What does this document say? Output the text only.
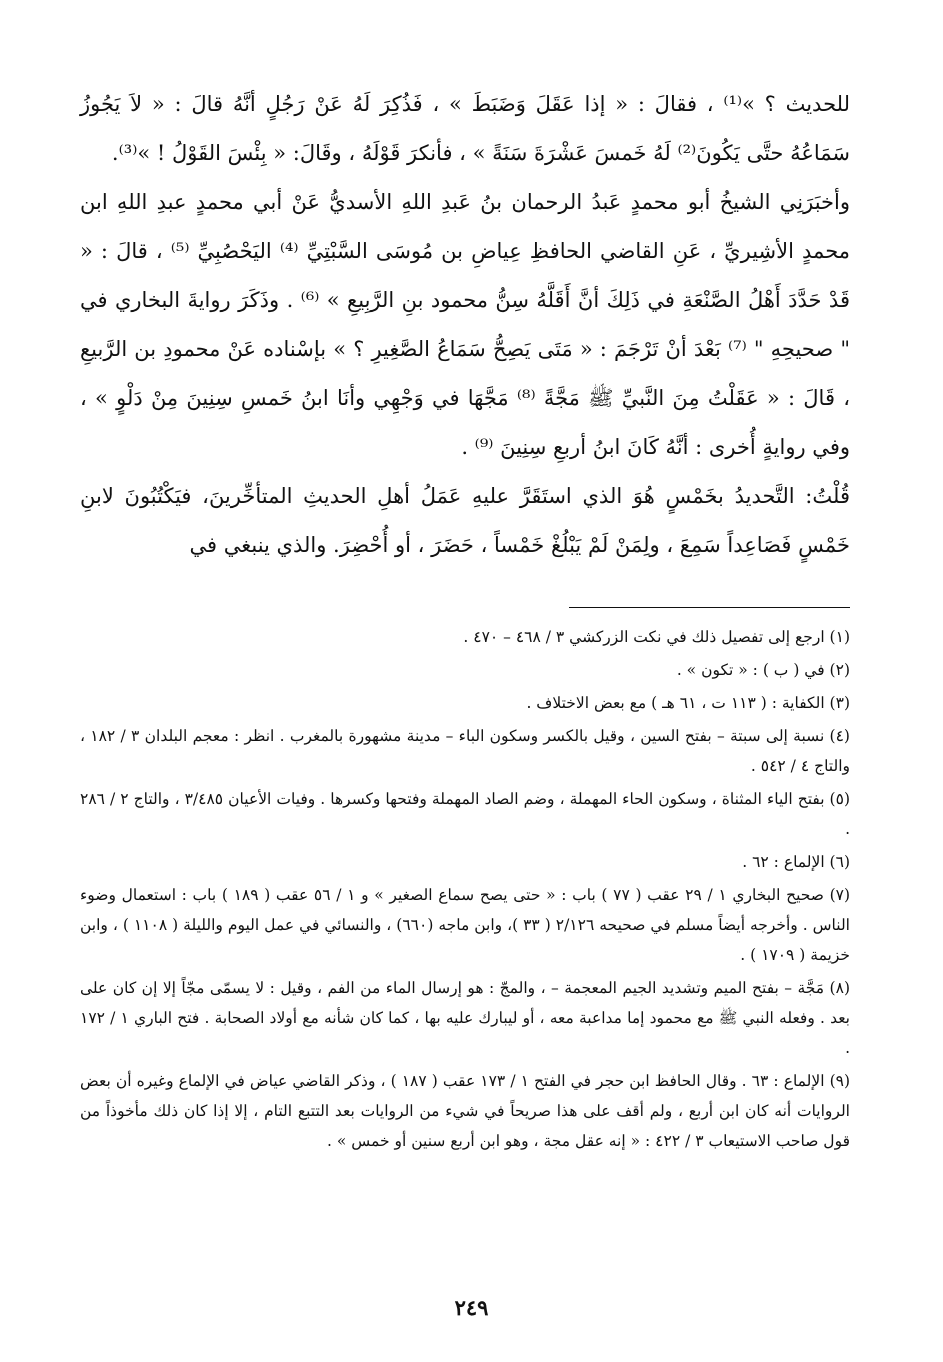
للحديث ؟ »⁽¹⁾ ، فقالَ : « إذا عَقَلَ وَضَبَطَ » ، فَذُكِرَ لَهُ عَنْ رَجُلٍ أنَّهُ قالَ : « لاَ يَجُوزُ سَمَاعُهُ حتَّى يَكُونَ⁽²⁾ لَهُ خَمسَ عَشْرَةَ سَنَةً » ، فأنكرَ قَوْلَهُ ، وقَالَ: « بِئْسَ القَوْلُ ! »⁽³⁾.

وأخبَرَنِي الشيخُ أبو محمدٍ عَبدُ الرحمان بنُ عَبدِ اللهِ الأسديُّ عَنْ أبي محمدٍ عبدِ اللهِ ابن محمدٍ الأشِيريِّ ، عَنِ القاضي الحافظِ عِياضِ بن مُوسَى السَّبْتِيِّ ⁽⁴⁾ اليَحْصُبِيِّ ⁽⁵⁾ ، قالَ : « قَدْ حَدَّدَ أَهْلُ الصَّنْعَةِ في ذَلِكَ أنَّ أَقَلَّهُ سِنُّ محمود بنِ الرَّبِيعِ » ⁽⁶⁾ . وذَكَرَ روايةَ البخاري في " صحيحِهِ " ⁽⁷⁾ بَعْدَ أنْ تَرْجَمَ : « مَتَى يَصِحُّ سَمَاعُ الصَّغِيرِ ؟ » بإسْناده عَنْ محمودِ بن الرَّبيعِ ، قَالَ : « عَقَلْتُ مِنَ النَّبيِّ ﷺ مَجَّةً ⁽⁸⁾ مَجَّهَا في وَجْهِي وأنَا ابنُ خَمسِ سِنِينَ مِنْ دَلْوٍ » ، وفي روايةٍ أُخرى : أنَّهُ كَانَ ابنُ أربعِ سِنِينَ ⁽⁹⁾ .

قُلْتُ: التَّحديدُ بخَمْسٍ هُوَ الذي استَقَرَّ عليهِ عَمَلُ أهلِ الحديثِ المتأخِّرينَ، فيَكْتُبُونَ لابنِ خَمْسٍ فَصَاعِداً سَمِعَ ، ولِمَنْ لَمْ يَبْلُغْ خَمْساً ، حَضَرَ ، أو أُحْضِرَ. والذي ينبغي في

(١) ارجع إلى تفصيل ذلك في نكت الزركشي ٣ / ٤٦٨ – ٤٧٠ .

(٢) في ( ب ) : « تكون » .

(٣) الكفاية : ( ١١٣ ت ، ٦١ هـ ) مع بعض الاختلاف .

(٤) نسبة إلى سبتة – بفتح السين ، وقيل بالكسر وسكون الباء – مدينة مشهورة بالمغرب . انظر : معجم البلدان ٣ / ١٨٢ ، والتاج ٤ / ٥٤٢ .

(٥) بفتح الياء المثناة ، وسكون الحاء المهملة ، وضم الصاد المهملة وفتحها وكسرها . وفيات الأعيان ٣/٤٨٥ ، والتاج ٢ / ٢٨٦ .

(٦) الإلماع : ٦٢ .

(٧) صحيح البخاري ١ / ٢٩ عقب ( ٧٧ ) باب : « حتى يصح سماع الصغير » و ١ / ٥٦ عقب ( ١٨٩ ) باب : استعمال وضوء الناس . وأخرجه أيضاً مسلم في صحيحه ٢/١٢٦ ( ٣٣ )، وابن ماجه (٦٦٠) ، والنسائي في عمل اليوم والليلة ( ١١٠٨ ) ، وابن خزيمة ( ١٧٠٩ ) .

(٨) مَجَّة – بفتح الميم وتشديد الجيم المعجمة – ، والمجّ : هو إرسال الماء من الفم ، وقيل : لا يسمّى مجّاً إلا إن كان على بعد . وفعله النبي ﷺ مع محمود إما مداعبة معه ، أو ليبارك عليه بها ، كما كان شأنه مع أولاد الصحابة . فتح الباري ١ / ١٧٢ .

(٩) الإلماع : ٦٣ . وقال الحافظ ابن حجر في الفتح ١ / ١٧٣ عقب ( ١٨٧ ) ، وذكر القاضي عياض في الإلماع وغيره أن بعض الروايات أنه كان ابن أربع ، ولم أقف على هذا صريحاً في شيء من الروايات بعد التتبع التام ، إلا إذا كان ذلك مأخوذاً من قول صاحب الاستيعاب ٣ / ٤٢٢ : « إنه عقل مجة ، وهو ابن أربع سنين أو خمس » .

٢٤٩
